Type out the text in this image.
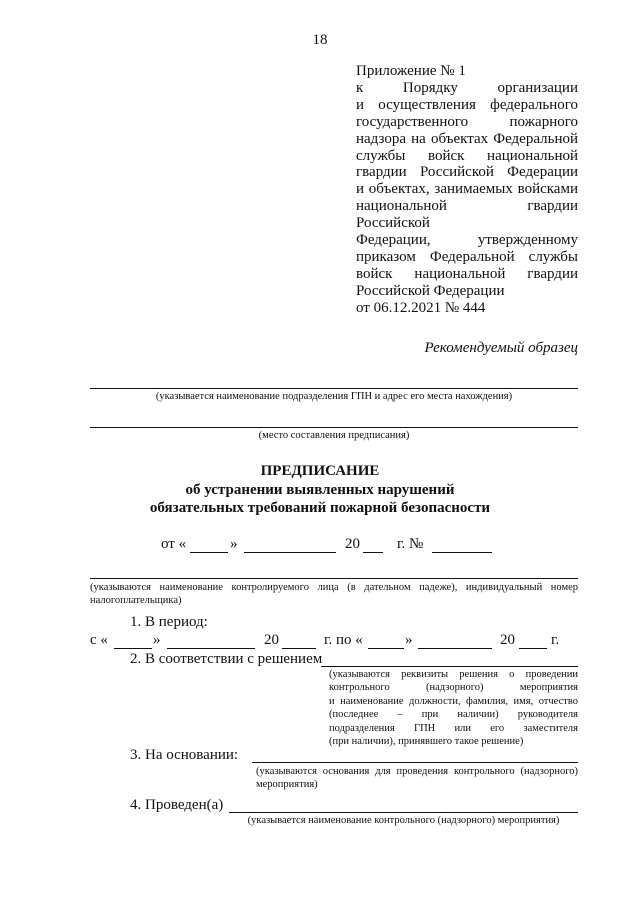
18
Приложение № 1
к Порядку организации
и осуществления федерального
государственного пожарного
надзора на объектах Федеральной
службы войск национальной
гвардии Российской Федерации
и объектах, занимаемых войсками
национальной гвардии Российской
Федерации, утвержденному
приказом Федеральной службы
войск национальной гвардии
Российской Федерации
от 06.12.2021 № 444
Рекомендуемый образец
(указывается наименование подразделения ГПН и адрес его места нахождения)
(место составления предписания)
ПРЕДПИСАНИЕ
об устранении выявленных нарушений
обязательных требований пожарной безопасности
от «	»	20 г. №
(указываются наименование контролируемого лица (в дательном падеже), индивидуальный номер
налогоплательщика)
1. В период:
с «	»	20	г. по «	»	20 г.
2. В соответствии с решением
(указываются реквизиты решения о проведении
контрольного (надзорного) мероприятия
и наименование должности, фамилия, имя, отчество
(последнее – при наличии) руководителя
подразделения ГПН или его заместителя
(при наличии), принявшего такое решение)
3. На основании:
(указываются основания для проведения контрольного (надзорного)
мероприятия)
4. Проведен(а)
(указывается наименование контрольного (надзорного) мероприятия)
